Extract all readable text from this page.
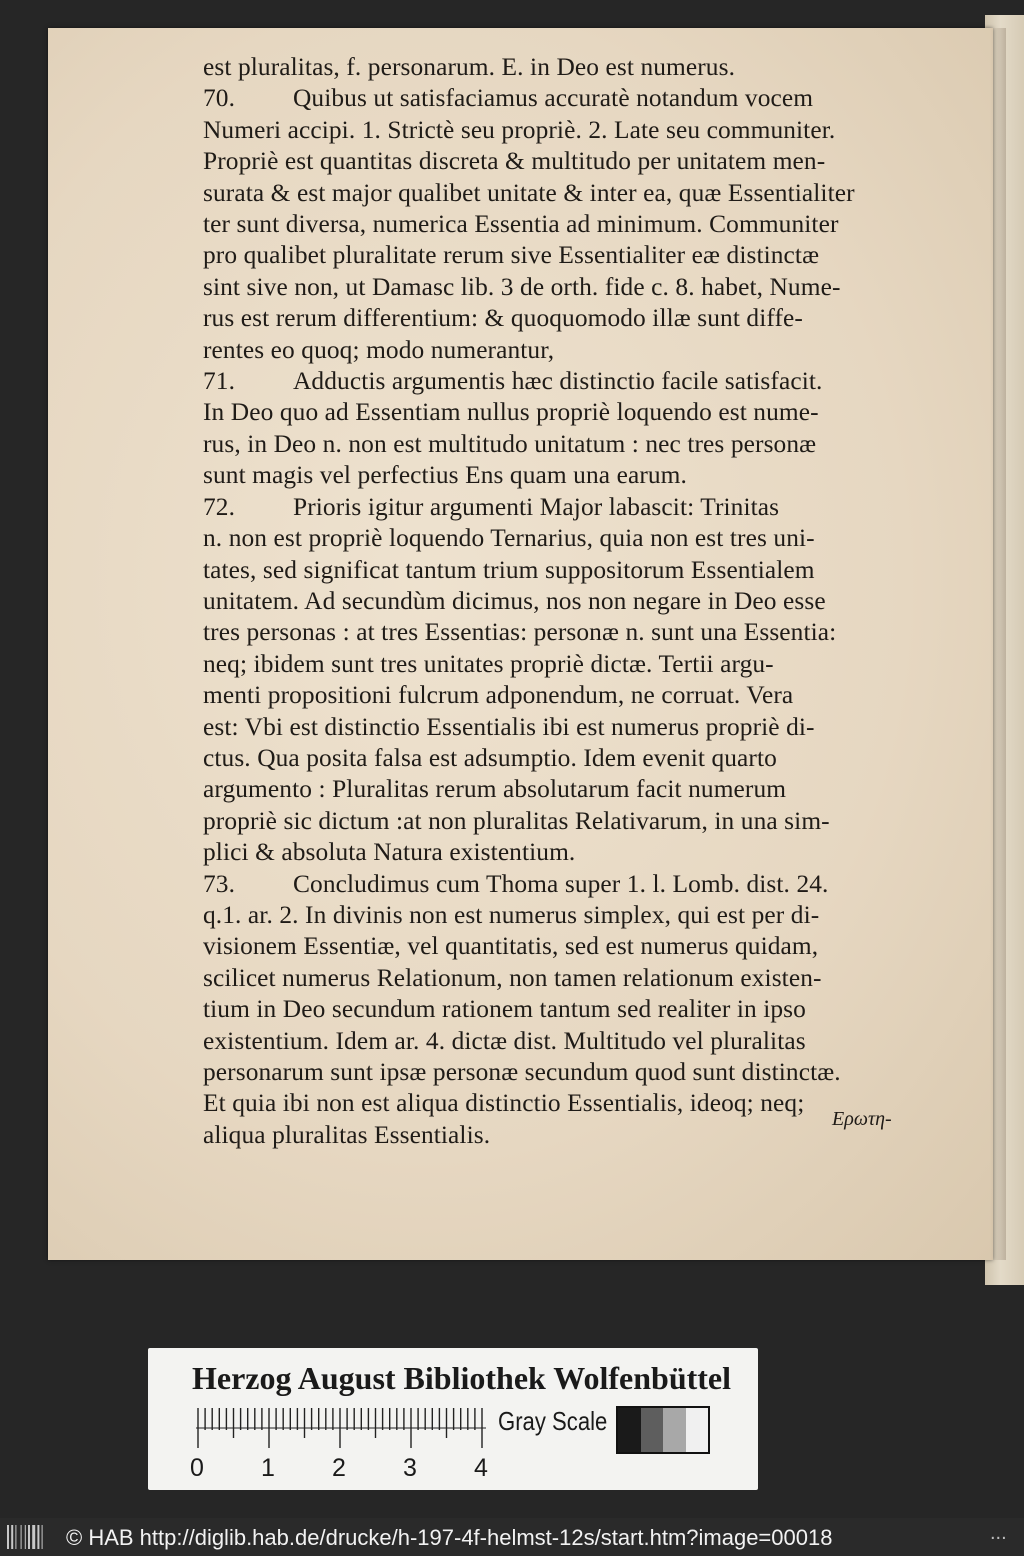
est pluralitas, f. personarum. E. in Deo est numerus.
70. Quibus ut satisfaciamus accuratè notandum vocem
Numeri accipi. 1. Strictè seu propriè. 2. Late seu communiter.
Propriè est quantitas discreta & multitudo per unitatem men-
surata & est major qualibet unitate & inter ea, quæ Essentialiter
ter sunt diversa, numerica Essentia ad minimum. Communiter
pro qualibet pluralitate rerum sive Essentialiter eæ distinctæ
sint sive non, ut Damasc lib. 3 de orth. fide c. 8. habet, Nume-
rus est rerum differentium: & quoquomodo illæ sunt diffe-
rentes eo quoq; modo numerantur,
71. Adductis argumentis hæc distinctio facile satisfacit.
In Deo quo ad Essentiam nullus propriè loquendo est nume-
rus, in Deo n. non est multitudo unitatum : nec tres personæ
sunt magis vel perfectius Ens quam una earum.
72. Prioris igitur argumenti Major labascit: Trinitas
n. non est propriè loquendo Ternarius, quia non est tres uni-
tates, sed significat tantum trium suppositorum Essentialem
unitatem. Ad secundùm dicimus, nos non negare in Deo esse
tres personas : at tres Essentias: personæ n. sunt una Essentia:
neq; ibidem sunt tres unitates propriè dictæ. Tertii argu-
menti propositioni fulcrum adponendum, ne corruat. Vera
est: Vbi est distinctio Essentialis ibi est numerus propriè di-
ctus. Qua posita falsa est adsumptio. Idem evenit quarto
argumento : Pluralitas rerum absolutarum facit numerum
propriè sic dictum :at non pluralitas Relativarum, in una sim-
plici & absoluta Natura existentium.
73. Concludimus cum Thoma super 1. l. Lomb. dist. 24.
q.1. ar. 2. In divinis non est numerus simplex, qui est per di-
visionem Essentiæ, vel quantitatis, sed est numerus quidam,
scilicet numerus Relationum, non tamen relationum existen-
tium in Deo secundum rationem tantum sed realiter in ipso
existentium. Idem ar. 4. dictæ dist. Multitudo vel pluralitas
personarum sunt ipsæ personæ secundum quod sunt distinctæ.
Et quia ibi non est aliqua distinctio Essentialis, ideoq; neq;
aliqua pluralitas Essentialis.
Ερωτη-
Herzog August Bibliothek Wolfenbüttel
Gray Scale
0 1 2 3 4
© HAB http://diglib.hab.de/drucke/h-197-4f-helmst-12s/start.htm?image=00018	...
